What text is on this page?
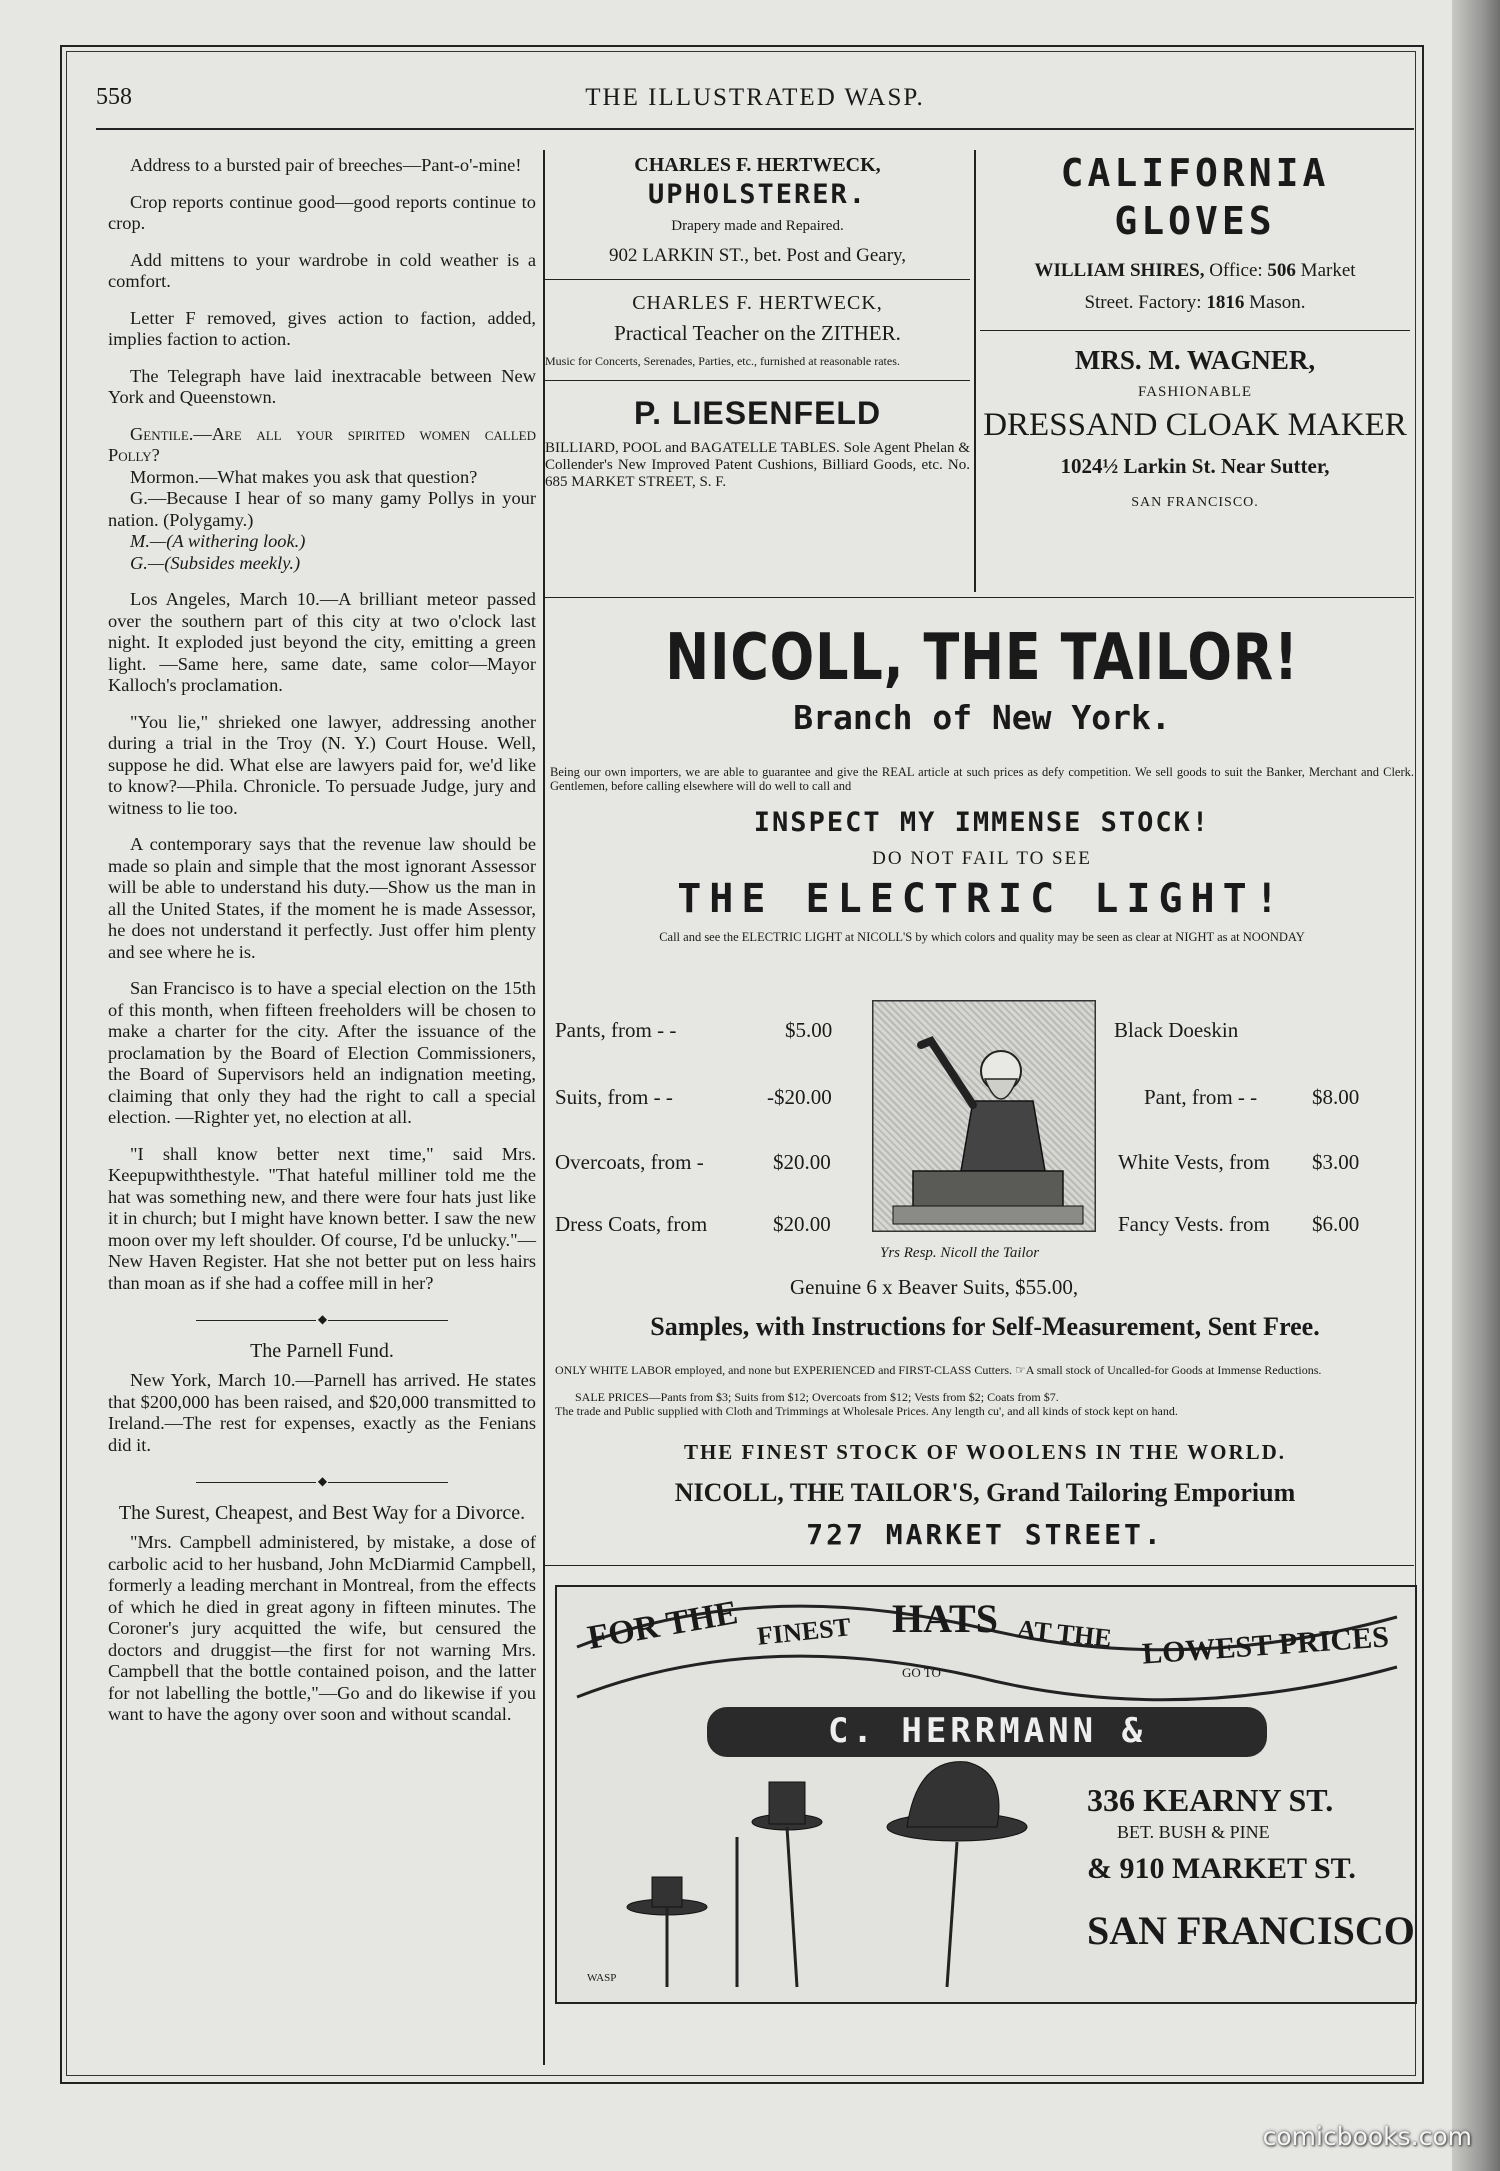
558	THE ILLUSTRATED WASP.

Address to a bursted pair of breeches—Pant-o'-mine!

Crop reports continue good—good reports continue to crop.

Add mittens to your wardrobe in cold weather is a comfort.

Letter F removed, gives action to faction, added, implies faction to action.

The Telegraph have laid inextracable between New York and Queenstown.

Gentile.—Are all your spirited women called Polly?

Mormon.—What makes you ask that question?

G.—Because I hear of so many gamy Pollys in your nation. (Polygamy.)

M.—(A withering look.)

G.—(Subsides meekly.)

Los Angeles, March 10.—A brilliant meteor passed over the southern part of this city at two o'clock last night. It exploded just beyond the city, emitting a green light. —Same here, same date, same color—Mayor Kalloch's proclamation.

"You lie," shrieked one lawyer, addressing another during a trial in the Troy (N. Y.) Court House. Well, suppose he did. What else are lawyers paid for, we'd like to know?—Phila. Chronicle. To persuade Judge, jury and witness to lie too.

A contemporary says that the revenue law should be made so plain and simple that the most ignorant Assessor will be able to understand his duty.—Show us the man in all the United States, if the moment he is made Assessor, he does not understand it perfectly. Just offer him plenty and see where he is.

San Francisco is to have a special election on the 15th of this month, when fifteen freeholders will be chosen to make a charter for the city. After the issuance of the proclamation by the Board of Election Commissioners, the Board of Supervisors held an indignation meeting, claiming that only they had the right to call a special election. —Righter yet, no election at all.

"I shall know better next time," said Mrs. Keepupwiththestyle. "That hateful milliner told me the hat was something new, and there were four hats just like it in church; but I might have known better. I saw the new moon over my left shoulder. Of course, I'd be unlucky."—New Haven Register. Hat she not better put on less hairs than moan as if she had a coffee mill in her?

◆

The Parnell Fund.

New York, March 10.—Parnell has arrived. He states that $200,000 has been raised, and $20,000 transmitted to Ireland.—The rest for expenses, exactly as the Fenians did it.

◆

The Surest, Cheapest, and Best Way for a Divorce.

"Mrs. Campbell administered, by mistake, a dose of carbolic acid to her husband, John McDiarmid Campbell, formerly a leading merchant in Montreal, from the effects of which he died in great agony in fifteen minutes. The Coroner's jury acquitted the wife, but censured the doctors and druggist—the first for not warning Mrs. Campbell that the bottle contained poison, and the latter for not labelling the bottle,"—Go and do likewise if you want to have the agony over soon and without scandal.

CHARLES F. HERTWECK,
UPHOLSTERER.
Drapery made and Repaired.
902 LARKIN ST., bet. Post and Geary,
CHARLES F. HERTWECK,
Practical Teacher on the ZITHER.
Music for Concerts, Serenades, Parties, etc., furnished at reasonable rates.
P. LIESENFELD
BILLIARD, POOL and BAGATELLE TABLES. Sole Agent Phelan & Collender's New Improved Patent Cushions, Billiard Goods, etc. No. 685 MARKET STREET, S. F.
CALIFORNIA
GLOVES
WILLIAM SHIRES, Office: 506 Market
Street. Factory: 1816 Mason.
MRS. M. WAGNER,
FASHIONABLE
DRESSAND CLOAK MAKER
1024½ Larkin St. Near Sutter,
SAN FRANCISCO.
NICOLL, THE TAILOR!
Branch of New York.
Being our own importers, we are able to guarantee and give the REAL article at such prices as defy competition. We sell goods to suit the Banker, Merchant and Clerk. Gentlemen, before calling elsewhere will do well to call and
INSPECT MY IMMENSE STOCK!
DO NOT FAIL TO SEE
THE ELECTRIC LIGHT!
Call and see the ELECTRIC LIGHT at NICOLL'S by which colors and quality may be seen as clear at NIGHT as at NOONDAY
Pants, from - -	$5.00
Suits, from - -	-$20.00
Overcoats, from -	$20.00
Dress Coats, from	$20.00
Black Doeskin
Pant, from - -	$8.00
White Vests, from $3.00
Fancy Vests. from $6.00
Yrs Resp. Nicoll the Tailor
Genuine 6 x Beaver Suits, $55.00,
Samples, with Instructions for Self-Measurement, Sent Free.
ONLY WHITE LABOR employed, and none but EXPERIENCED and FIRST-CLASS Cutters. ☞A small stock of Uncalled-for Goods at Immense Reductions.
SALE PRICES—Pants from $3; Suits from $12; Overcoats from $12; Vests from $2; Coats from $7.
The trade and Public supplied with Cloth and Trimmings at Wholesale Prices. Any length cu', and all kinds of stock kept on hand.
THE FINEST STOCK OF WOOLENS IN THE WORLD.
NICOLL, THE TAILOR'S, Grand Tailoring Emporium
727 MARKET STREET.
FOR THE FINEST HATS
GO TO
AT THE LOWEST PRICES
C. HERRMANN &
336 KEARNY ST.
BET. BUSH & PINE
& 910 MARKET ST.
SAN FRANCISCO
WASP
comicbooks.com
